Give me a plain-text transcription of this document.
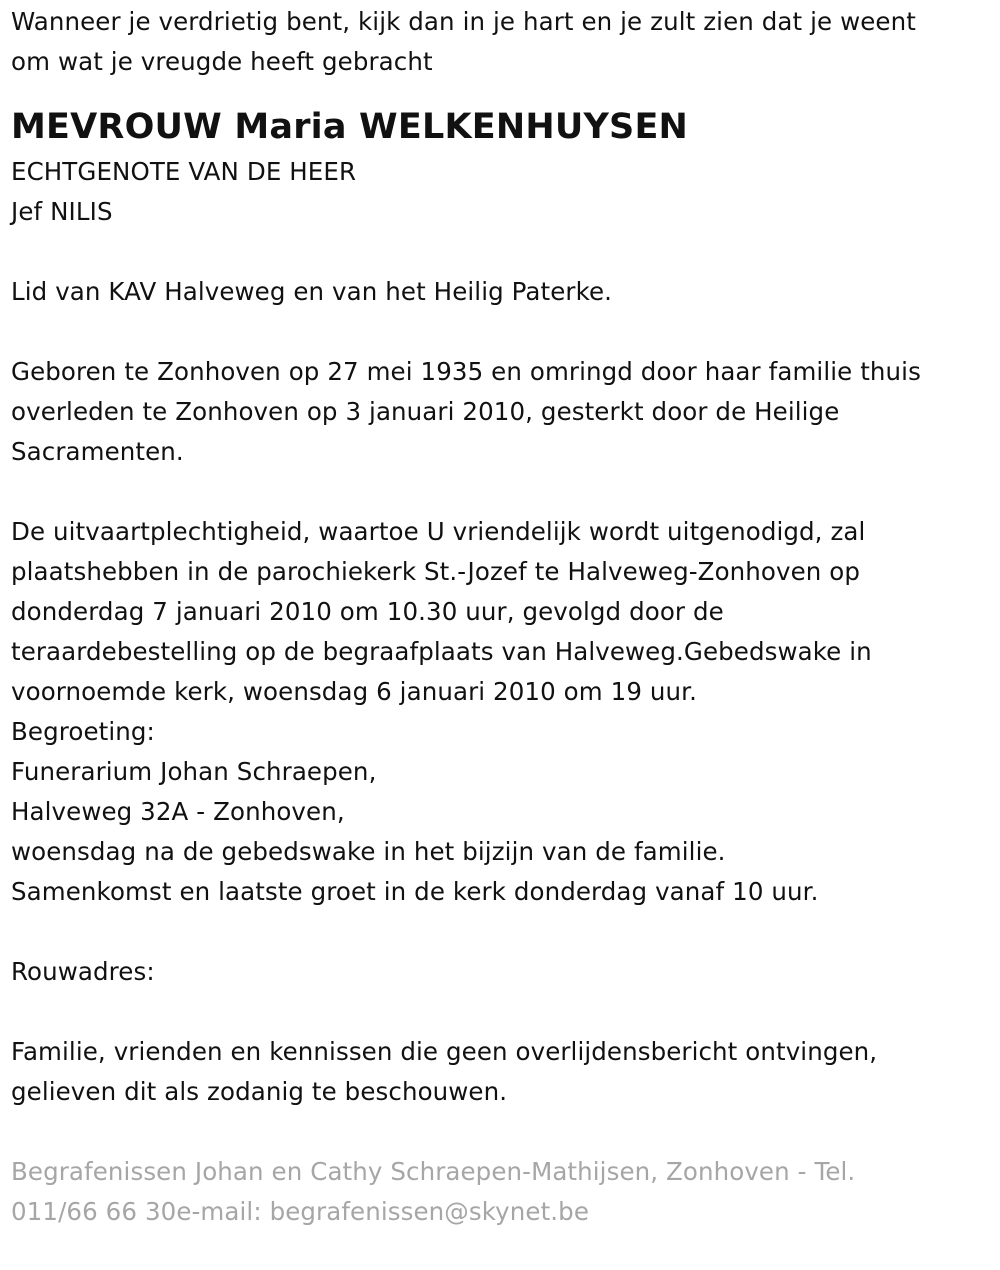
Wanneer je verdrietig bent, kijk dan in je hart en je zult zien dat je weent
om wat je vreugde heeft gebracht
MEVROUW Maria WELKENHUYSEN
ECHTGENOTE VAN DE HEER
Jef NILIS
Lid van KAV Halveweg en van het Heilig Paterke.
Geboren te Zonhoven op 27 mei 1935 en omringd door haar familie thuis
overleden te Zonhoven op 3 januari 2010, gesterkt door de Heilige
Sacramenten.
De uitvaartplechtigheid, waartoe U vriendelijk wordt uitgenodigd, zal
plaatshebben in de parochiekerk St.-Jozef te Halveweg-Zonhoven op
donderdag 7 januari 2010 om 10.30 uur, gevolgd door de
teraardebestelling op de begraafplaats van Halveweg.Gebedswake in
voornoemde kerk, woensdag 6 januari 2010 om 19 uur.
Begroeting:
Funerarium Johan Schraepen,
Halveweg 32A - Zonhoven,
woensdag na de gebedswake in het bijzijn van de familie.
Samenkomst en laatste groet in de kerk donderdag vanaf 10 uur.
Rouwadres:
Familie, vrienden en kennissen die geen overlijdensbericht ontvingen,
gelieven dit als zodanig te beschouwen.
Begrafenissen Johan en Cathy Schraepen-Mathijsen, Zonhoven - Tel.
011/66 66 30e-mail: begrafenissen@skynet.be
